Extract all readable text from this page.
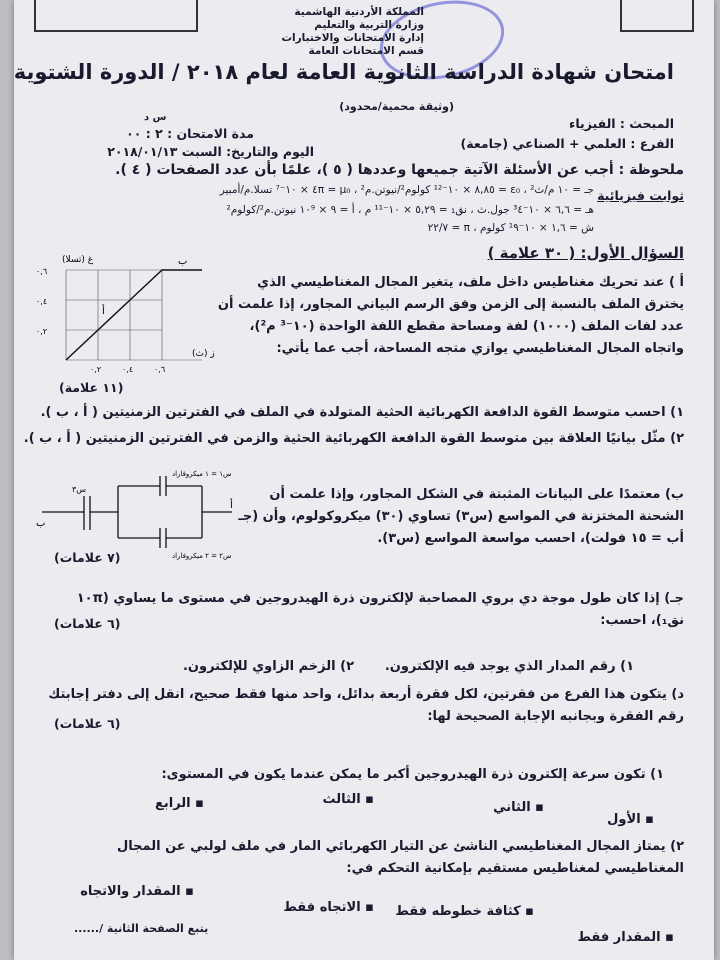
المملكة الأردنية الهاشمية
وزارة التربية والتعليم
إدارة الامتحانات والاختبارات
قسم الامتحانات العامة
امتحان شهادة الدراسة الثانوية العامة لعام ٢٠١٨ / الدورة الشتوية
(وثيقة محمية/محدود)
المبحث : الفيزياء
الفرع : العلمي + الصناعي (جامعة)
س د
مدة الامتحان : ٢ : ٠٠
اليوم والتاريخ: السبت ٢٠١٨/٠١/١٣
ملحوظة : أجب عن الأسئلة الآتية جميعها وعددها ( ٥ )، علمًا بأن عدد الصفحات ( ٤ ).
ثوابت فيزيائية
جـ = ١٠ م/ث² ، ε₀ = ٨,٨٥ × ١٠⁻¹² كولوم²/نيوتن.م² ، μ₀ = ٤π × ١٠⁻⁷ تسلا.م/أمبير
هـ = ٦,٦ × ١٠⁻³٤ جول.ث ، نق₁ = ٥,٢٩ × ١٠⁻¹¹ م ، أ = ٩ × ١٠⁹ نيوتن.م²/كولوم²
ش = ١,٦ × ١٠⁻¹٩ كولوم ، π = ٢٢/٧
السؤال الأول: ( ٣٠ علامة )
غ (تسلا)
ز (ث)
٠,٢
٠,٤
٠,٦
٠,٢	٠,٤	٠,٦
أ
ب
أ ) عند تحريك مغناطيس داخل ملف، يتغير المجال المغناطيسي الذي يخترق الملف بالنسبة إلى الزمن وفق الرسم البياني المجاور، إذا علمت أن عدد لفات الملف (١٠٠٠) لفة ومساحة مقطع اللفة الواحدة (١٠⁻³ م²)، واتجاه المجال المغناطيسي يوازي متجه المساحة، أجب عما يأتي:
(١١ علامة)
١) احسب متوسط القوة الدافعة الكهربائية الحثية المتولدة في الملف في الفترتين الزمنيتين ( أ ، ب ).
٢) مثّل بيانيًا العلاقة بين متوسط القوة الدافعة الكهربائية الحثية والزمن في الفترتين الزمنيتين ( أ ، ب ).
س١ = ١ ميكروفاراد
س٢ = ٢ ميكروفاراد
س٣
أ
ب
ب) معتمدًا على البيانات المثبتة في الشكل المجاور، وإذا علمت أن الشحنة المختزنة في المواسع (س٣) تساوي (٣٠) ميكروكولوم، وأن (جـ أب = ١٥ فولت)، احسب مواسعة المواسع (س٣).
(٧ علامات)
جـ) إذا كان طول موجة دي بروي المصاحبة لإلكترون ذرة الهيدروجين في مستوى ما يساوي (١٠π نق₁)، احسب:
(٦ علامات)
١) رقم المدار الذي يوجد فيه الإلكترون.
٢) الزخم الزاوي للإلكترون.
د) يتكون هذا الفرع من فقرتين، لكل فقرة أربعة بدائل، واحد منها فقط صحيح، انقل إلى دفتر إجابتك رقم الفقرة وبجانبه الإجابة الصحيحة لها:
(٦ علامات)
١) تكون سرعة إلكترون ذرة الهيدروجين أكبر ما يمكن عندما يكون في المستوى:
▪ الرابع	▪ الثالث
▪ الثاني
▪ الأول
٢) يمتاز المجال المغناطيسي الناشئ عن التيار الكهربائي المار في ملف لولبي عن المجال المغناطيسي لمغناطيس مستقيم بإمكانية التحكم في:
▪ المقدار والاتجاه
▪ الاتجاه فقط	▪ كثافة خطوطه فقط
▪ المقدار فقط
يتبع الصفحة الثانية /......
